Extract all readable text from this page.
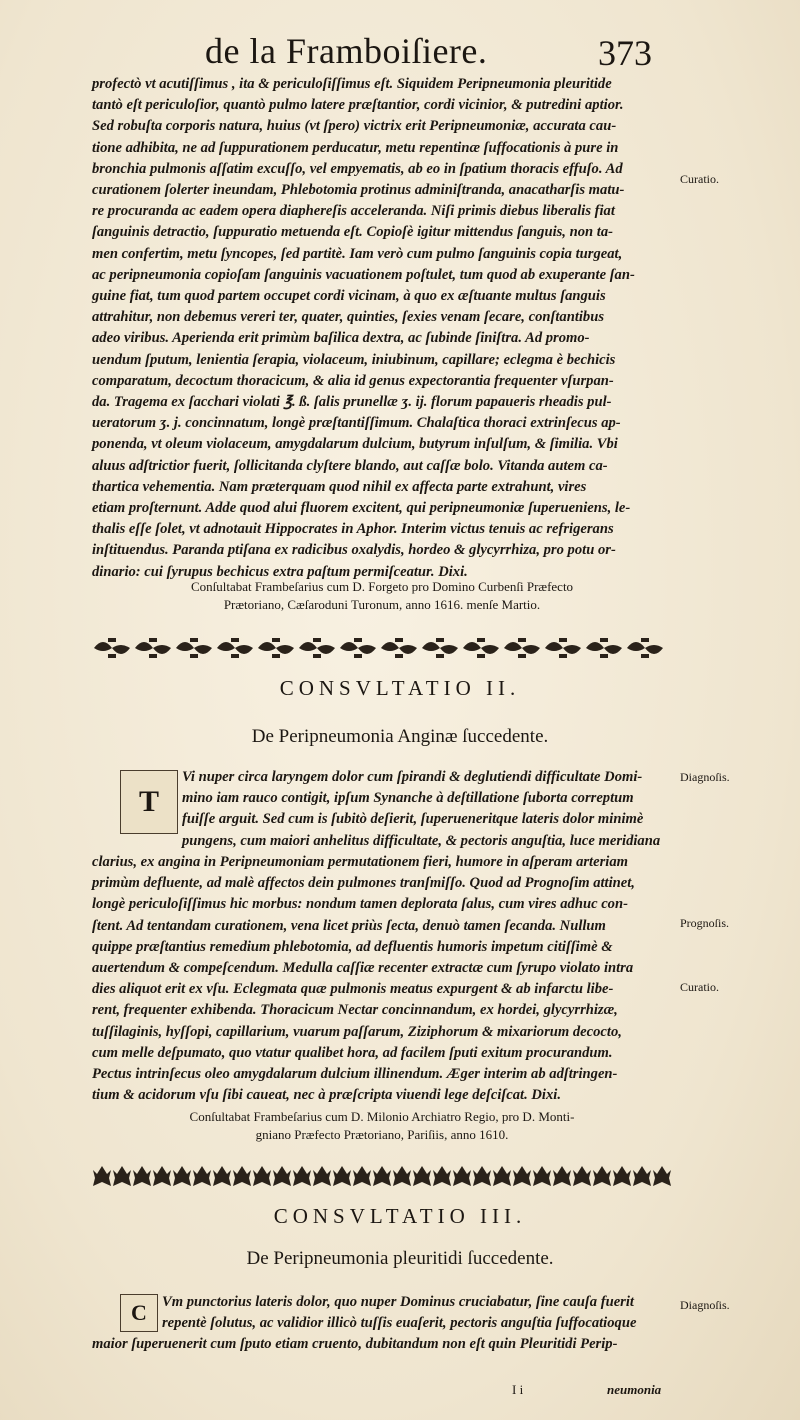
de la Framboiſiere.	373

profectò vt acutiſſimus , ita & periculoſiſſimus eſt. Siquidem Peripneumonia pleuritide
tantò eſt periculoſior, quantò pulmo latere præſtantior, cordi vicinior, & putredini aptior.
Sed robuſta corporis natura, huius (vt ſpero) victrix erit Peripneumoniæ, accurata cau-
tione adhibita, ne ad ſuppurationem perducatur, metu repentinæ ſuffocationis à pure in
bronchia pulmonis aſſatim excuſſo, vel empyematis, ab eo in ſpatium thoracis effuſo. Ad
curationem ſolerter ineundam, Phlebotomia protinus adminiſtranda, anacatharſis matu-
re procuranda ac eadem opera diaphereſis acceleranda. Niſi primis diebus liberalis fiat
ſanguinis detractio, ſuppuratio metuenda eſt. Copioſè igitur mittendus ſanguis, non ta-
men confertim, metu ſyncopes, ſed partitè. Iam verò cum pulmo ſanguinis copia turgeat,
ac peripneumonia copioſam ſanguinis vacuationem poſtulet, tum quod ab exuperante ſan-
guine fiat, tum quod partem occupet cordi vicinam, à quo ex æſtuante multus ſanguis
attrahitur, non debemus vereri ter, quater, quinties, ſexies venam ſecare, conſtantibus
adeo viribus. Aperienda erit primùm baſilica dextra, ac ſubinde ſiniſtra. Ad promo-
uendum ſputum, lenientia ſerapia, violaceum, iniubinum, capillare; eclegma è bechicis
comparatum, decoctum thoracicum, & alia id genus expectorantia frequenter vſurpan-
da. Tragema ex ſacchari violati ℥. ß. ſalis prunellæ ʒ. ij. florum papaueris rheadis pul-
ueratorum ʒ. j. concinnatum, longè præſtantiſſimum. Chalaſtica thoraci extrinſecus ap-
ponenda, vt oleum violaceum, amygdalarum dulcium, butyrum inſulſum, & ſimilia. Vbi
aluus adſtrictior fuerit, ſollicitanda clyſtere blando, aut caſſæ bolo. Vitanda autem ca-
thartica vehementia. Nam præterquam quod nihil ex affecta parte extrahunt, vires
etiam proſternunt. Adde quod alui fluorem excitent, qui peripneumoniæ ſuperueniens, le-
thalis eſſe ſolet, vt adnotauit Hippocrates in Aphor. Interim victus tenuis ac refrigerans
inſtituendus. Paranda ptiſana ex radicibus oxalydis, hordeo & glycyrrhiza, pro potu or-
dinario: cui ſyrupus bechicus extra paſtum permiſceatur. Dixi.

Conſultabat Frambeſarius cum D. Forgeto pro Domino Curbenſi Præfecto

Prætoriano, Cæſaroduni Turonum, anno 1616. menſe Martio.

Curatio.
CONSVLTATIO II.
De Peripneumonia Anginæ ſuccedente.
T

Vi nuper circa laryngem dolor cum ſpirandi & deglutiendi difficultate Domi-
mino iam rauco contigit, ipſum Synanche à deſtillatione ſuborta correptum
fuiſſe arguit. Sed cum is ſubitò deſierit, ſuperueneritque lateris dolor minimè
pungens, cum maiori anhelitus difficultate, & pectoris anguſtia, luce meridiana

clarius, ex angina in Peripneumoniam permutationem fieri, humore in aſperam arteriam
primùm defluente, ad malè affectos dein pulmones tranſmiſſo. Quod ad Prognoſim attinet,
longè periculoſiſſimus hic morbus: nondum tamen deplorata ſalus, cum vires adhuc con-
ſtent. Ad tentandam curationem, vena licet priùs ſecta, denuò tamen ſecanda. Nullum
quippe præſtantius remedium phlebotomia, ad defluentis humoris impetum citiſſimè &
auertendum & compeſcendum. Medulla caſſiæ recenter extractæ cum ſyrupo violato intra
dies aliquot erit ex vſu. Eclegmata quæ pulmonis meatus expurgent & ab infarctu libe-
rent, frequenter exhibenda. Thoracicum Nectar concinnandum, ex hordei, glycyrrhizæ,
tuſſilaginis, hyſſopi, capillarium, vuarum paſſarum, Ziziphorum & mixariorum decocto,
cum melle deſpumato, quo vtatur qualibet hora, ad facilem ſputi exitum procurandum.
Pectus intrinſecus oleo amygdalarum dulcium illinendum. Æger interim ab adſtringen-
tium & acidorum vſu ſibi caueat, nec à præſcripta viuendi lege deſciſcat. Dixi.

Conſultabat Frambeſarius cum D. Milonio Archiatro Regio, pro D. Monti-

gniano Præfecto Prætoriano, Pariſiis, anno 1610.

Diagnoſis.
Prognoſis.
Curatio.
CONSVLTATIO III.
De Peripneumonia pleuritidi ſuccedente.
C Vm punctorius lateris dolor, quo nuper Dominus cruciabatur, ſine cauſa fuerit
repentè ſolutus, ac validior illicò tuſſis euaſerit, pectoris anguſtia ſuffocatioque

maior ſuperuenerit cum ſputo etiam cruento, dubitandum non eſt quin Pleuritidi Perip-

Diagnoſis.
I i	neumonia
